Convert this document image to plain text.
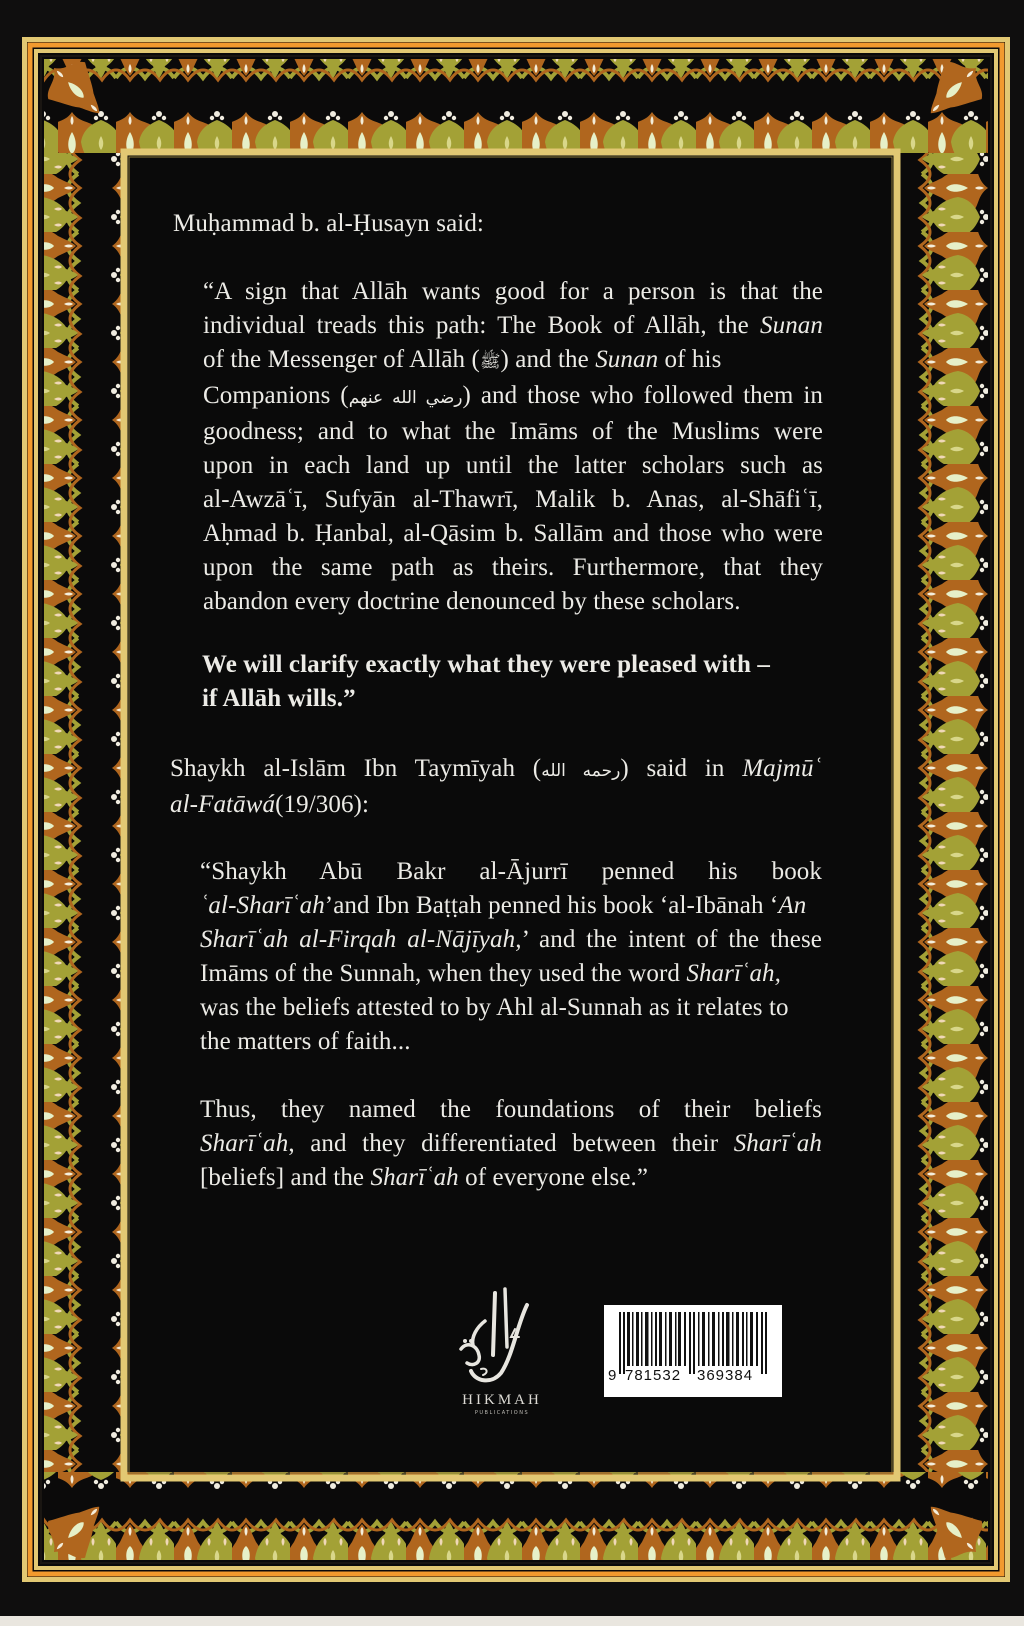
Muḥammad b. al-Ḥusayn said:
“A sign that Allāh wants good for a person is that the
individual treads this path: The Book of Allāh, the Sunan
of the Messenger of Allāh (ﷺ) and the Sunan of his
Companions (رضي الله عنهم) and those who followed them in
goodness; and to what the Imāms of the Muslims were
upon in each land up until the latter scholars such as
al-Awzāʿī, Sufyān al-Thawrī, Malik b. Anas, al-Shāfiʿī,
Aḥmad b. Ḥanbal, al-Qāsim b. Sallām and those who were
upon the same path as theirs. Furthermore, that they
abandon every doctrine denounced by these scholars.
We will clarify exactly what they were pleased with –
if Allāh wills.”
Shaykh al-Islām Ibn Taymīyah (رحمه الله) said in Majmūʿ
al-Fatāwá(19/306):
“Shaykh Abū Bakr al-Ājurrī penned his book
ʿal-Sharīʿah’and Ibn Baṭṭah penned his book ‘al-Ibānah ‘An
Sharīʿah al-Firqah al-Nājīyah,’ and the intent of the these
Imāms of the Sunnah, when they used the word Sharīʿah,
was the beliefs attested to by Ahl al-Sunnah as it relates to
the matters of faith...
Thus, they named the foundations of their beliefs
Sharīʿah, and they differentiated between their Sharīʿah
[beliefs] and the Sharīʿah of everyone else.”
HIKMAH
PUBLICATIONS
9 781532 369384
